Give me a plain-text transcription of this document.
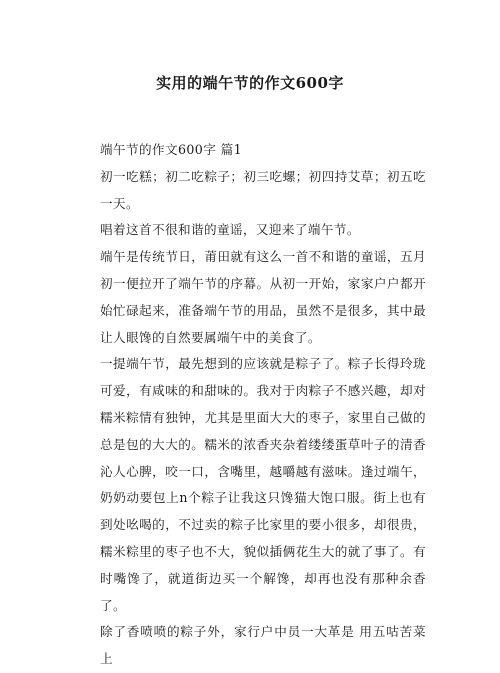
实用的端午节的作文600字

端午节的作文600字 篇1

初一吃糕；初二吃粽子；初三吃螺；初四持艾草；初五吃一天。

唱着这首不很和谐的童谣，又迎来了端午节。

端午是传统节日，莆田就有这么一首不和谐的童谣，五月初一便拉开了端午节的序幕。从初一开始，家家户户都开始忙碌起来，准备端午节的用品，虽然不是很多，其中最让人眼馋的自然要属端午中的美食了。

一提端午节，最先想到的应该就是粽子了。粽子长得玲珑可爱，有咸味的和甜味的。我对于肉粽子不感兴趣，却对糯米粽情有独钟，尤其是里面大大的枣子，家里自己做的总是包的大大的。糯米的浓香夹杂着缕缕蛋草叶子的清香沁人心脾，咬一口，含嘴里，越嚼越有滋味。逢过端午，奶奶动要包上n个粽子让我这只馋猫大饱口服。街上也有到处吆喝的，不过卖的粽子比家里的要小很多，却很贵，糯米粽里的枣子也不大，貌似插俩花生大的就了事了。有时嘴馋了，就道街边买一个解馋，却再也没有那种余香了。

除了香喷喷的粽子外，家行户中员一大革是 用五咕苦菜上
